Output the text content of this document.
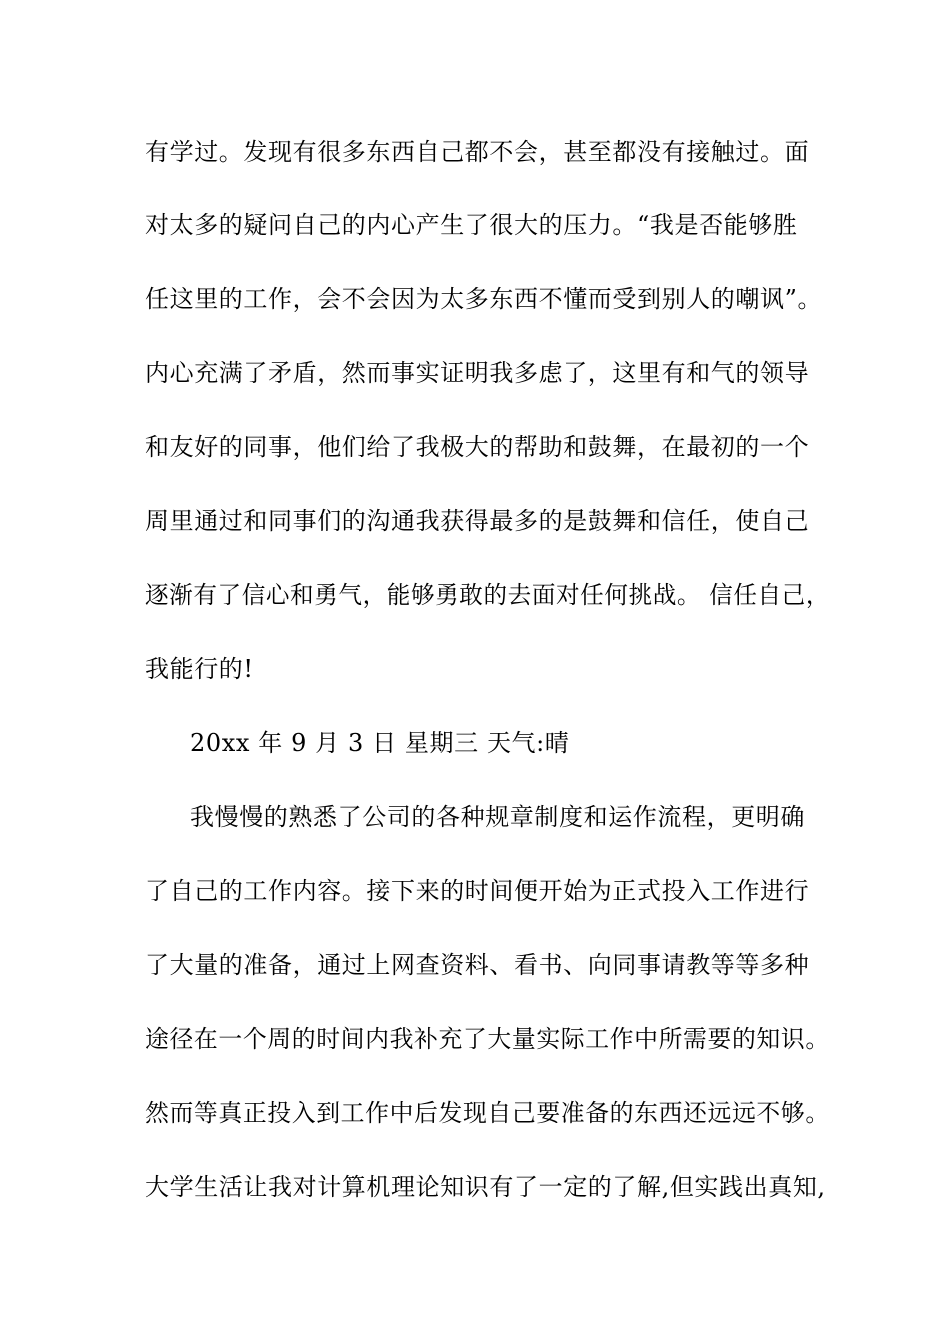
有学过。发现有很多东西自己都不会，甚至都没有接触过。面
对太多的疑问自己的内心产生了很大的压力。“我是否能够胜
任这里的工作，会不会因为太多东西不懂而受到别人的嘲讽”。
内心充满了矛盾，然而事实证明我多虑了，这里有和气的领导
和友好的同事，他们给了我极大的帮助和鼓舞，在最初的一个
周里通过和同事们的沟通我获得最多的是鼓舞和信任，使自己
逐渐有了信心和勇气，能够勇敢的去面对任何挑战。 信任自己，
我能行的!
20xx 年 9 月 3 日 星期三 天气:晴
我慢慢的熟悉了公司的各种规章制度和运作流程，更明确
了自己的工作内容。接下来的时间便开始为正式投入工作进行
了大量的准备，通过上网查资料、看书、向同事请教等等多种
途径在一个周的时间内我补充了大量实际工作中所需要的知识。
然而等真正投入到工作中后发现自己要准备的东西还远远不够。
大学生活让我对计算机理论知识有了一定的了解,但实践出真知,
